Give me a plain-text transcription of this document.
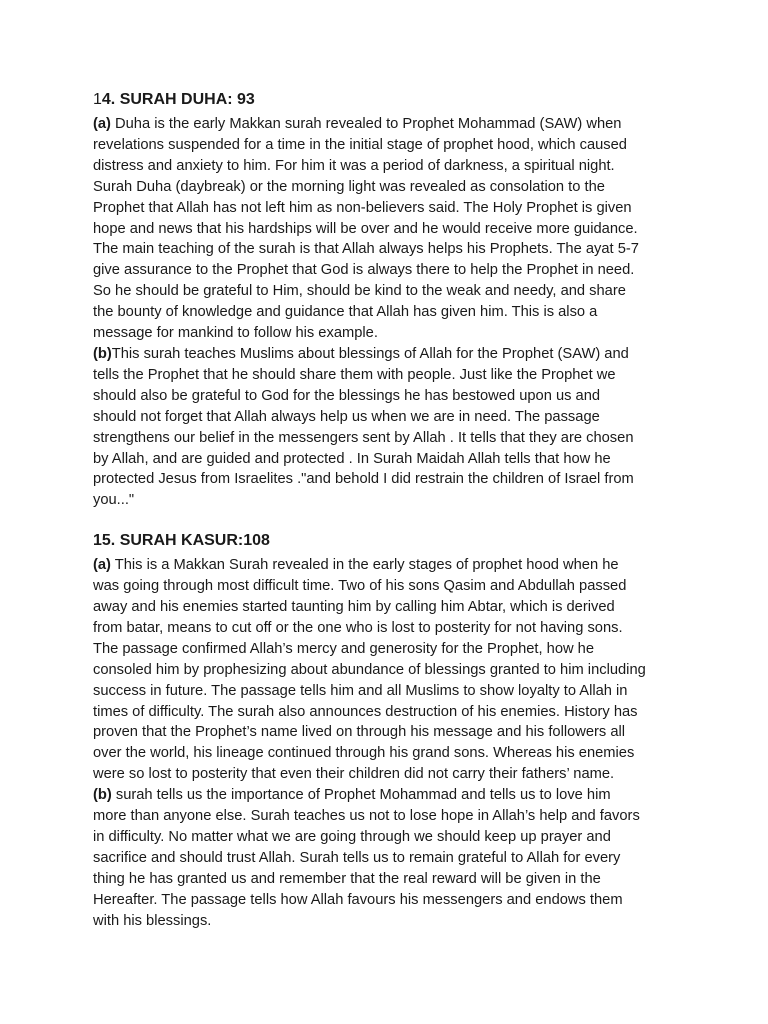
14. SURAH DUHA: 93

(a) Duha is the early Makkan surah revealed to Prophet Mohammad (SAW) when
revelations suspended for a time in the initial stage of prophet hood, which caused
distress and anxiety to him. For him it was a period of darkness, a spiritual night.
Surah Duha (daybreak) or the morning light was revealed as consolation to the
Prophet that Allah has not left him as non-believers said. The Holy Prophet is given
hope and news that his hardships will be over and he would receive more guidance.
The main teaching of the surah is that Allah always helps his Prophets. The ayat 5-7
give assurance to the Prophet that God is always there to help the Prophet in need.
So he should be grateful to Him, should be kind to the weak and needy, and share
the bounty of knowledge and guidance that Allah has given him. This is also a
message for mankind to follow his example.

(b)This surah teaches Muslims about blessings of Allah for the Prophet (SAW) and
tells the Prophet that he should share them with people. Just like the Prophet we
should also be grateful to God for the blessings he has bestowed upon us and
should not forget that Allah always help us when we are in need. The passage
strengthens our belief in the messengers sent by Allah . It tells that they are chosen
by Allah, and are guided and protected . In Surah Maidah Allah tells that how he
protected Jesus from Israelites ."and behold I did restrain the children of Israel from
you..."

15. SURAH KASUR:108

(a) This is a Makkan Surah revealed in the early stages of prophet hood when he
was going through most difficult time. Two of his sons Qasim and Abdullah passed
away and his enemies started taunting him by calling him Abtar, which is derived
from batar, means to cut off or the one who is lost to posterity for not having sons.
The passage confirmed Allah’s mercy and generosity for the Prophet, how he
consoled him by prophesizing about abundance of blessings granted to him including
success in future. The passage tells him and all Muslims to show loyalty to Allah in
times of difficulty. The surah also announces destruction of his enemies. History has
proven that the Prophet’s name lived on through his message and his followers all
over the world, his lineage continued through his grand sons. Whereas his enemies
were so lost to posterity that even their children did not carry their fathers’ name.

(b) surah tells us the importance of Prophet Mohammad and tells us to love him
more than anyone else. Surah teaches us not to lose hope in Allah’s help and favors
in difficulty. No matter what we are going through we should keep up prayer and
sacrifice and should trust Allah. Surah tells us to remain grateful to Allah for every
thing he has granted us and remember that the real reward will be given in the
Hereafter. The passage tells how Allah favours his messengers and endows them
with his blessings.
